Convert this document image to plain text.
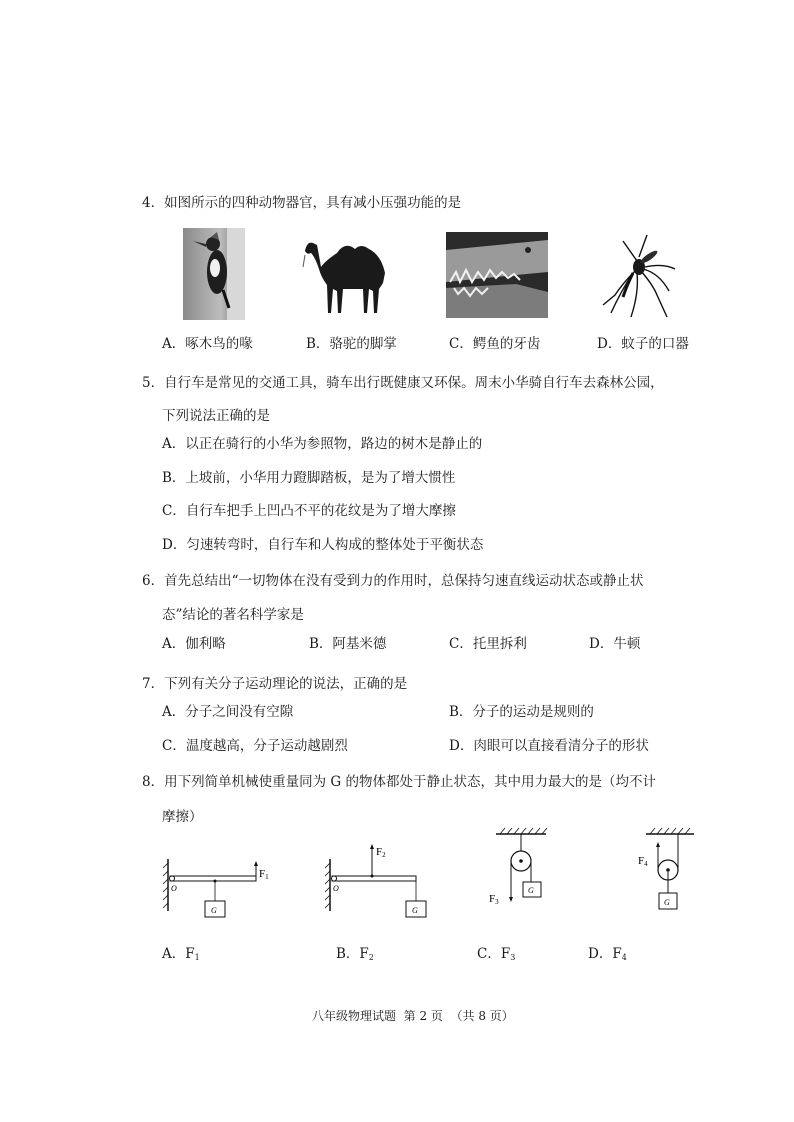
4．如图所示的四种动物器官，具有减小压强功能的是
A．啄木鸟的喙	B．骆驼的脚掌	C．鳄鱼的牙齿	D．蚊子的口器
5．自行车是常见的交通工具，骑车出行既健康又环保。周末小华骑自行车去森林公园，
下列说法正确的是
A．以正在骑行的小华为参照物，路边的树木是静止的
B．上坡前，小华用力蹬脚踏板，是为了增大惯性
C．自行车把手上凹凸不平的花纹是为了增大摩擦
D．匀速转弯时，自行车和人构成的整体处于平衡状态
6．首先总结出“一切物体在没有受到力的作用时，总保持匀速直线运动状态或静止状
态”结论的著名科学家是
A．伽利略	B．阿基米德	C．托里拆利	D．牛顿
7．下列有关分子运动理论的说法，正确的是
A．分子之间没有空隙	B．分子的运动是规则的
C．温度越高，分子运动越剧烈	D．肉眼可以直接看清分子的形状
8．用下列简单机械使重量同为 G 的物体都处于静止状态，其中用力最大的是（均不计
摩擦）
O
G
F1
O
G
F2
G
F3	G
F4
A．$F_1$	B．$F_2$	C．$F_3$	D．$F_4$
八年级物理试题  第 2 页  （共 8 页）
